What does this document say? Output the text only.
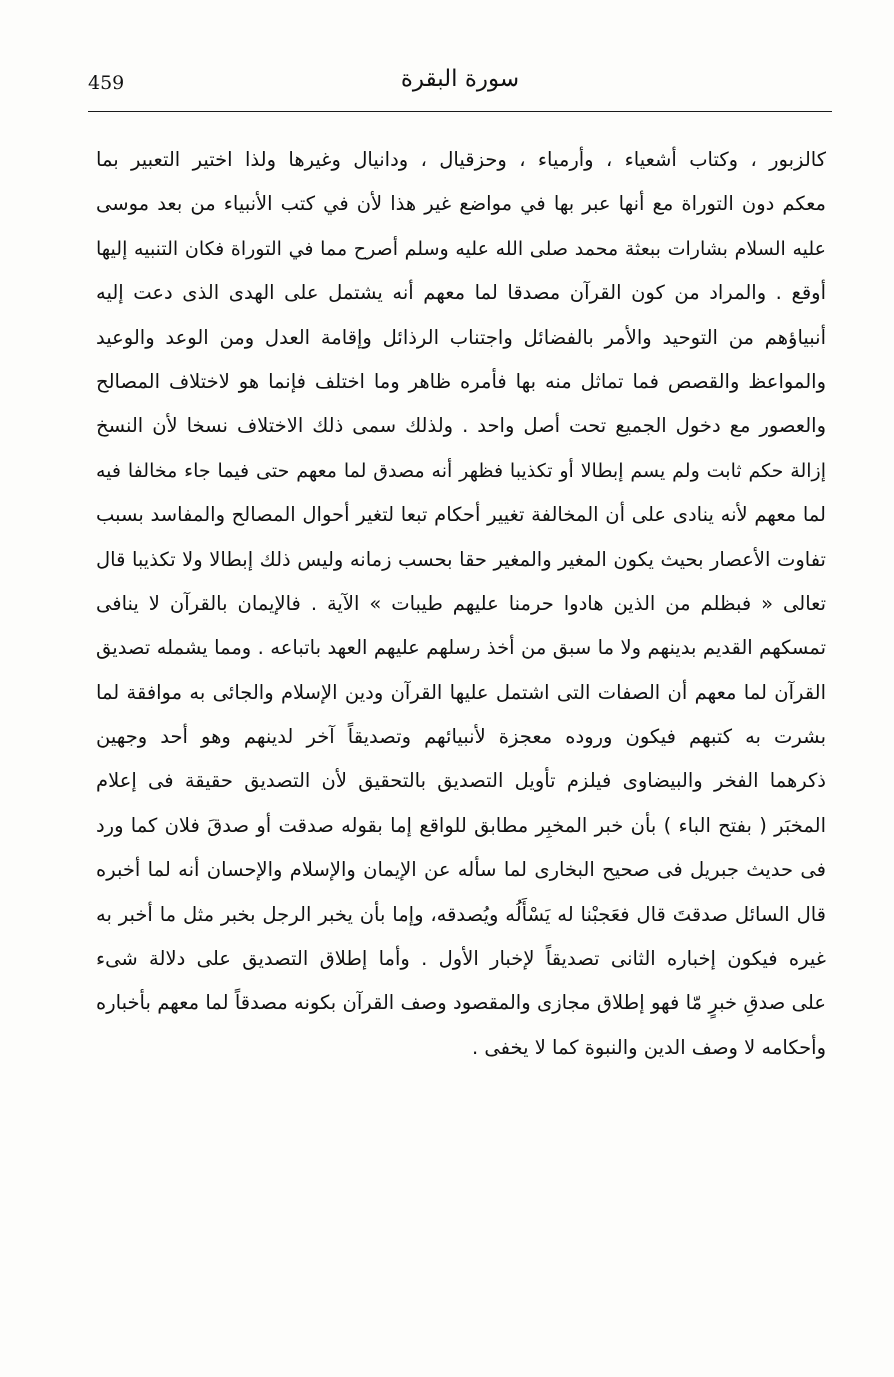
459	سورة البقرة
كالزبور ، وكتاب أشعياء ، وأرمياء ، وحزقيال ، ودانيال وغيرها ولذا اختير التعبير بما
معكم دون التوراة مع أنها عبر بها في مواضع غير هذا لأن في كتب الأنبياء من بعد موسى
عليه السلام بشارات ببعثة محمد صلى الله عليه وسلم أصرح مما في التوراة فكان التنبيه إليها
أوقع . والمراد من كون القرآن مصدقا لما معهم أنه يشتمل على الهدى الذى دعت إليه
أنبياؤهم من التوحيد والأمر بالفضائل واجتناب الرذائل وإقامة العدل ومن الوعد والوعيد
والمواعظ والقصص فما تماثل منه بها فأمره ظاهر وما اختلف فإنما هو لاختلاف المصالح
والعصور مع دخول الجميع تحت أصل واحد . ولذلك سمى ذلك الاختلاف نسخا لأن النسخ
إزالة حكم ثابت ولم يسم إبطالا أو تكذيبا فظهر أنه مصدق لما معهم حتى فيما جاء مخالفا فيه
لما معهم لأنه ينادى على أن المخالفة تغيير أحكام تبعا لتغير أحوال المصالح والمفاسد بسبب
تفاوت الأعصار بحيث يكون المغير والمغير حقا بحسب زمانه وليس ذلك إبطالا ولا تكذيبا قال
تعالى « فبظلم من الذين هادوا حرمنا عليهم طيبات » الآية . فالإيمان بالقرآن لا ينافى
تمسكهم القديم بدينهم ولا ما سبق من أخذ رسلهم عليهم العهد باتباعه . ومما يشمله تصديق
القرآن لما معهم أن الصفات التى اشتمل عليها القرآن ودين الإسلام والجائى به موافقة لما
بشرت به كتبهم فيكون وروده معجزة لأنبيائهم وتصديقاً آخر لدينهم وهو أحد وجهين
ذكرهما الفخر والبيضاوى فيلزم تأويل التصديق بالتحقيق لأن التصديق حقيقة فى إعلام
المخبَر ( بفتح الباء ) بأن خبر المخبِر مطابق للواقع إما بقوله صدقت أو صدقَ فلان كما ورد
فى حديث جبريل فى صحيح البخارى لما سأله عن الإيمان والإسلام والإحسان أنه لما أخبره
قال السائل صدقتَ قال فعَجبْنا له يَسْأَلُه ويُصدقه، وإما بأن يخبر الرجل بخبر مثل ما أخبر به
غيره فيكون إخباره الثانى تصديقاً لإخبار الأول . وأما إطلاق التصديق على دلالة شىء
على صدقِ خبرٍ مّا فهو إطلاق مجازى والمقصود وصف القرآن بكونه مصدقاً لما معهم بأخباره
وأحكامه لا وصف الدين والنبوة كما لا يخفى .
